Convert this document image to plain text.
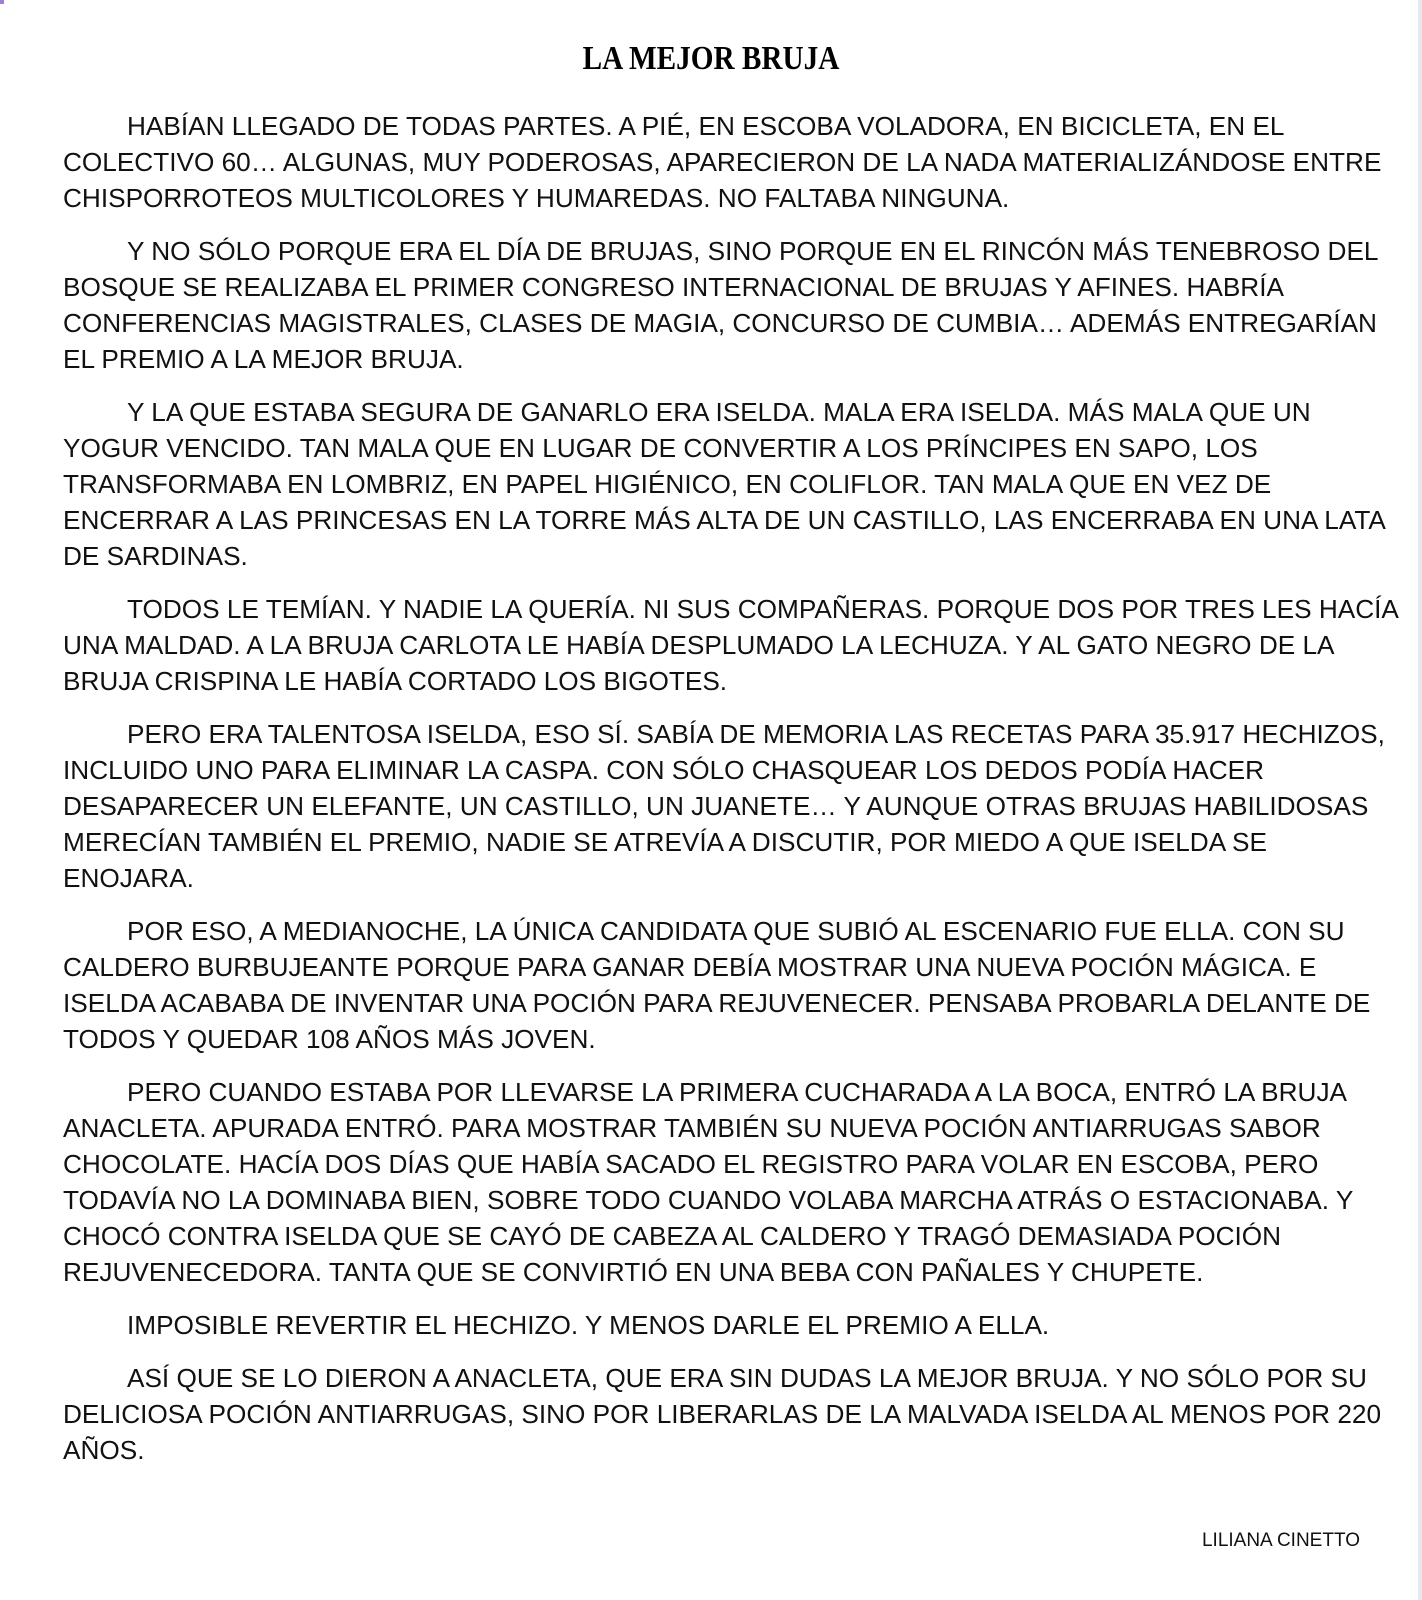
LA MEJOR BRUJA

HABÍAN LLEGADO DE TODAS PARTES. A PIÉ, EN ESCOBA VOLADORA, EN BICICLETA, EN EL COLECTIVO 60… ALGUNAS, MUY PODEROSAS, APARECIERON DE LA NADA MATERIALIZÁNDOSE ENTRE CHISPORROTEOS MULTICOLORES Y HUMAREDAS. NO FALTABA NINGUNA.

Y NO SÓLO PORQUE ERA EL DÍA DE BRUJAS, SINO PORQUE EN EL RINCÓN MÁS TENEBROSO DEL BOSQUE SE REALIZABA EL PRIMER CONGRESO INTERNACIONAL DE BRUJAS Y AFINES. HABRÍA CONFERENCIAS MAGISTRALES, CLASES DE MAGIA, CONCURSO DE CUMBIA… ADEMÁS ENTREGARÍAN EL PREMIO A LA MEJOR BRUJA.

Y LA QUE ESTABA SEGURA DE GANARLO ERA ISELDA. MALA ERA ISELDA. MÁS MALA QUE UN YOGUR VENCIDO. TAN MALA QUE EN LUGAR DE CONVERTIR A LOS PRÍNCIPES EN SAPO, LOS TRANSFORMABA EN LOMBRIZ, EN PAPEL HIGIÉNICO, EN COLIFLOR. TAN MALA QUE EN VEZ DE ENCERRAR A LAS PRINCESAS EN LA TORRE MÁS ALTA DE UN CASTILLO, LAS ENCERRABA EN UNA LATA DE SARDINAS.

TODOS LE TEMÍAN. Y NADIE LA QUERÍA. NI SUS COMPAÑERAS. PORQUE DOS POR TRES LES HACÍA UNA MALDAD. A LA BRUJA CARLOTA LE HABÍA DESPLUMADO LA LECHUZA. Y AL GATO NEGRO DE LA BRUJA CRISPINA LE HABÍA CORTADO LOS BIGOTES.

PERO ERA TALENTOSA ISELDA, ESO SÍ. SABÍA DE MEMORIA LAS RECETAS PARA 35.917 HECHIZOS, INCLUIDO UNO PARA ELIMINAR LA CASPA. CON SÓLO CHASQUEAR LOS DEDOS PODÍA HACER DESAPARECER UN ELEFANTE, UN CASTILLO, UN JUANETE… Y AUNQUE OTRAS BRUJAS HABILIDOSAS MERECÍAN TAMBIÉN EL PREMIO, NADIE SE ATREVÍA A DISCUTIR, POR MIEDO A QUE ISELDA SE ENOJARA.

POR ESO, A MEDIANOCHE, LA ÚNICA CANDIDATA QUE SUBIÓ AL ESCENARIO FUE ELLA. CON SU CALDERO BURBUJEANTE PORQUE PARA GANAR DEBÍA MOSTRAR UNA NUEVA POCIÓN MÁGICA. E ISELDA ACABABA DE INVENTAR UNA POCIÓN PARA REJUVENECER. PENSABA PROBARLA DELANTE DE TODOS Y QUEDAR 108 AÑOS MÁS JOVEN.

PERO CUANDO ESTABA POR LLEVARSE LA PRIMERA CUCHARADA A LA BOCA, ENTRÓ LA BRUJA ANACLETA. APURADA ENTRÓ. PARA MOSTRAR TAMBIÉN SU NUEVA POCIÓN ANTIARRUGAS SABOR CHOCOLATE. HACÍA DOS DÍAS QUE HABÍA SACADO EL REGISTRO PARA VOLAR EN ESCOBA, PERO TODAVÍA NO LA DOMINABA BIEN, SOBRE TODO CUANDO VOLABA MARCHA ATRÁS O ESTACIONABA. Y CHOCÓ CONTRA ISELDA QUE SE CAYÓ DE CABEZA AL CALDERO Y TRAGÓ DEMASIADA POCIÓN REJUVENECEDORA. TANTA QUE SE CONVIRTIÓ EN UNA BEBA CON PAÑALES Y CHUPETE.

IMPOSIBLE REVERTIR EL HECHIZO. Y MENOS DARLE EL PREMIO A ELLA.

ASÍ QUE SE LO DIERON A ANACLETA, QUE ERA SIN DUDAS LA MEJOR BRUJA. Y NO SÓLO POR SU DELICIOSA POCIÓN ANTIARRUGAS, SINO POR LIBERARLAS DE LA MALVADA ISELDA AL MENOS POR 220 AÑOS.

LILIANA CINETTO
